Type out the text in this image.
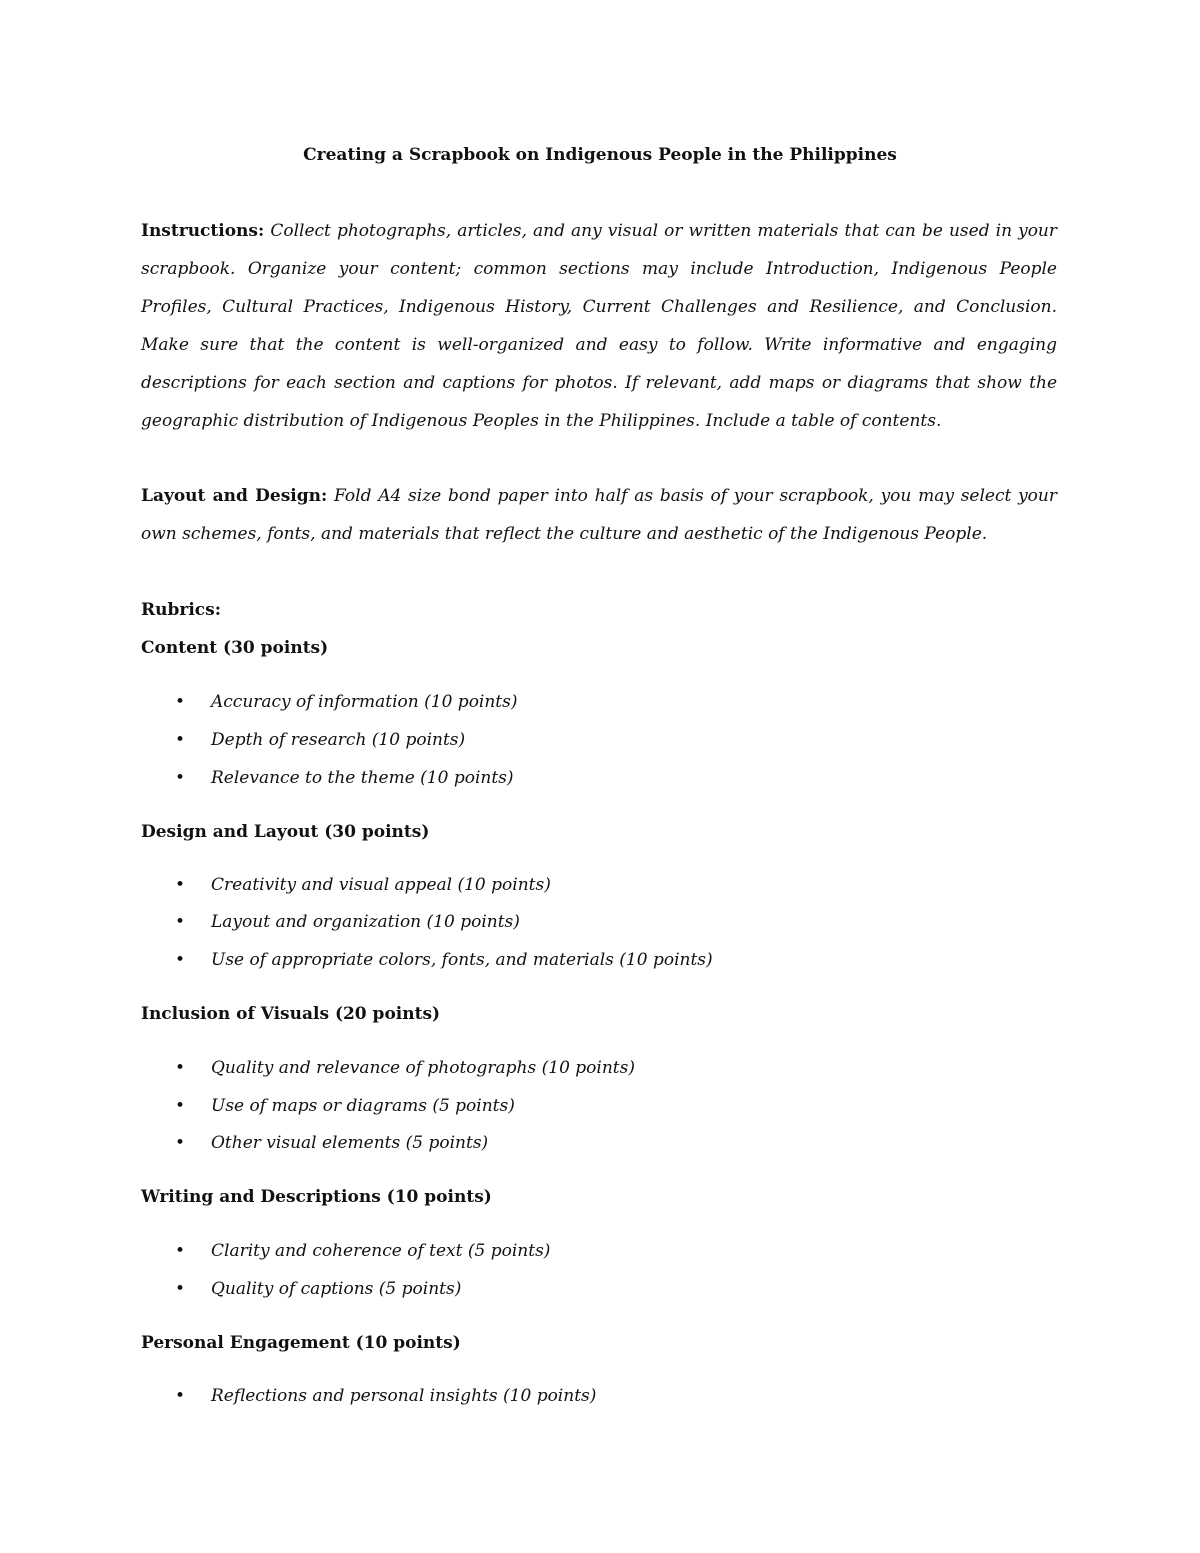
Creating a Scrapbook on Indigenous People in the Philippines
Instructions: Collect photographs, articles, and any visual or written materials that can be used in your scrapbook. Organize your content; common sections may include Introduction, Indigenous People Profiles, Cultural Practices, Indigenous History, Current Challenges and Resilience, and Conclusion. Make sure that the content is well-organized and easy to follow. Write informative and engaging descriptions for each section and captions for photos. If relevant, add maps or diagrams that show the geographic distribution of Indigenous Peoples in the Philippines. Include a table of contents.
Layout and Design: Fold A4 size bond paper into half as basis of your scrapbook, you may select your own schemes, fonts, and materials that reflect the culture and aesthetic of the Indigenous People.
Rubrics:
Content (30 points)
• Accuracy of information (10 points)
• Depth of research (10 points)
• Relevance to the theme (10 points)
Design and Layout (30 points)
• Creativity and visual appeal (10 points)
• Layout and organization (10 points)
• Use of appropriate colors, fonts, and materials (10 points)
Inclusion of Visuals (20 points)
• Quality and relevance of photographs (10 points)
• Use of maps or diagrams (5 points)
• Other visual elements (5 points)
Writing and Descriptions (10 points)
• Clarity and coherence of text (5 points)
• Quality of captions (5 points)
Personal Engagement (10 points)
• Reflections and personal insights (10 points)
